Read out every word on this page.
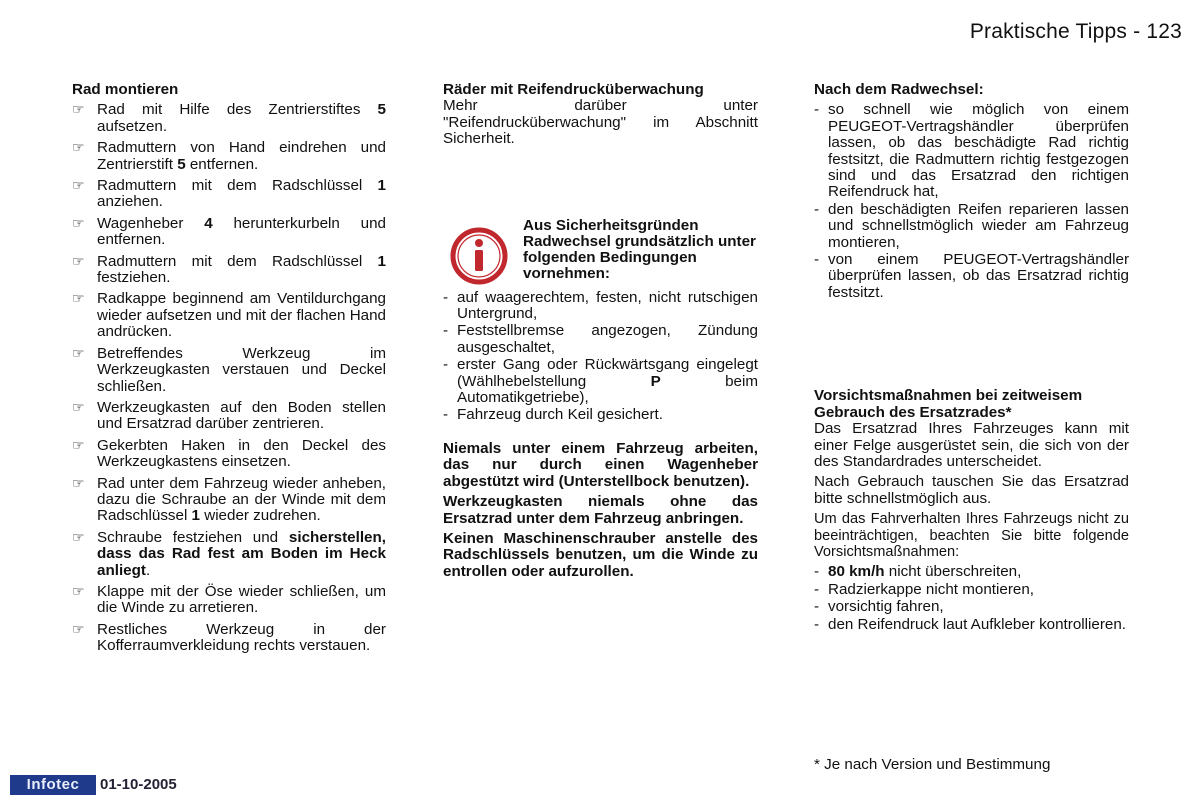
Praktische Tipps - 123
Rad montieren
☞ Rad mit Hilfe des Zentrierstiftes 5 aufsetzen.
☞ Radmuttern von Hand eindrehen und Zentrierstift 5 entfernen.
☞ Radmuttern mit dem Radschlüssel 1 anziehen.
☞ Wagenheber 4 herunterkurbeln und entfernen.
☞ Radmuttern mit dem Radschlüssel 1 festziehen.
☞ Radkappe beginnend am Ventildurchgang wieder aufsetzen und mit der flachen Hand andrücken.
☞ Betreffendes Werkzeug im Werkzeugkasten verstauen und Deckel schließen.
☞ Werkzeugkasten auf den Boden stellen und Ersatzrad darüber zentrieren.
☞ Gekerbten Haken in den Deckel des Werkzeugkastens einsetzen.
☞ Rad unter dem Fahrzeug wieder anheben, dazu die Schraube an der Winde mit dem Radschlüssel 1 wieder zudrehen.
☞ Schraube festziehen und sicherstellen, dass das Rad fest am Boden im Heck anliegt.
☞ Klappe mit der Öse wieder schließen, um die Winde zu arretieren.
☞ Restliches Werkzeug in der Kofferraumverkleidung rechts verstauen.
Räder mit Reifendrucküberwachung
Mehr darüber unter "Reifendrucküberwachung" im Abschnitt Sicherheit.
Aus Sicherheitsgründen Radwechsel grundsätzlich unter folgenden Bedingungen vornehmen:
- auf waagerechtem, festen, nicht rutschigen Untergrund,
- Feststellbremse angezogen, Zündung ausgeschaltet,
- erster Gang oder Rückwärtsgang eingelegt (Wählhebelstellung P beim Automatikgetriebe),
- Fahrzeug durch Keil gesichert.
Niemals unter einem Fahrzeug arbeiten, das nur durch einen Wagenheber abgestützt wird (Unterstellbock benutzen).
Werkzeugkasten niemals ohne das Ersatzrad unter dem Fahrzeug anbringen.
Keinen Maschinenschrauber anstelle des Radschlüssels benutzen, um die Winde zu entrollen oder aufzurollen.
Nach dem Radwechsel:
- so schnell wie möglich von einem PEUGEOT-Vertragshändler überprüfen lassen, ob das beschädigte Rad richtig festsitzt, die Radmuttern richtig festgezogen sind und das Ersatzrad den richtigen Reifendruck hat,
- den beschädigten Reifen reparieren lassen und schnellstmöglich wieder am Fahrzeug montieren,
- von einem PEUGEOT-Vertragshändler überprüfen lassen, ob das Ersatzrad richtig festsitzt.
Vorsichtsmaßnahmen bei zeitweisem Gebrauch des Ersatzrades*
Das Ersatzrad Ihres Fahrzeuges kann mit einer Felge ausgerüstet sein, die sich von der des Standardrades unterscheidet.
Nach Gebrauch tauschen Sie das Ersatzrad bitte schnellstmöglich aus.
Um das Fahrverhalten Ihres Fahrzeugs nicht zu beeinträchtigen, beachten Sie bitte folgende Vorsichtsmaßnahmen:
- 80 km/h nicht überschreiten,
- Radzierkappe nicht montieren,
- vorsichtig fahren,
- den Reifendruck laut Aufkleber kontrollieren.
* Je nach Version und Bestimmung
Infotec	01-10-2005
